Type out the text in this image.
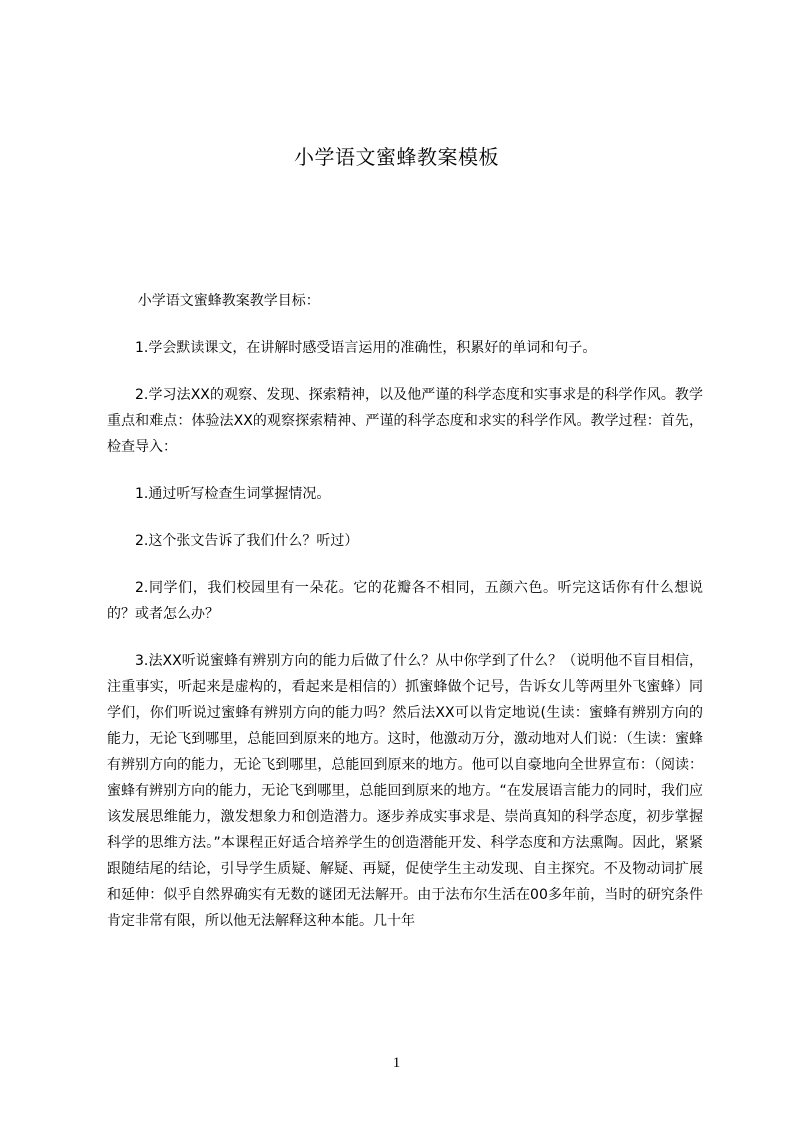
小学语文蜜蜂教案模板

小学语文蜜蜂教案教学目标：

1.学会默读课文，在讲解时感受语言运用的准确性，积累好的单词和句子。

2.学习法XX的观察、发现、探索精神，以及他严谨的科学态度和实事求是的科学作风。教学重点和难点：体验法XX的观察探索精神、严谨的科学态度和求实的科学作风。教学过程：首先，检查导入：

1.通过听写检查生词掌握情况。

2.这个张文告诉了我们什么？听过）

2.同学们，我们校园里有一朵花。它的花瓣各不相同，五颜六色。听完这话你有什么想说的？或者怎么办？

3.法XX听说蜜蜂有辨别方向的能力后做了什么？从中你学到了什么？（说明他不盲目相信，注重事实，听起来是虚构的，看起来是相信的）抓蜜蜂做个记号，告诉女儿等两里外飞蜜蜂）同学们，你们听说过蜜蜂有辨别方向的能力吗？然后法XX可以肯定地说(生读：蜜蜂有辨别方向的能力，无论飞到哪里，总能回到原来的地方。这时，他激动万分，激动地对人们说：（生读：蜜蜂有辨别方向的能力，无论飞到哪里，总能回到原来的地方。他可以自豪地向全世界宣布：（阅读：蜜蜂有辨别方向的能力，无论飞到哪里，总能回到原来的地方。“在发展语言能力的同时，我们应该发展思维能力，激发想象力和创造潜力。逐步养成实事求是、崇尚真知的科学态度，初步掌握科学的思维方法。”本课程正好适合培养学生的创造潜能开发、科学态度和方法熏陶。因此，紧紧跟随结尾的结论，引导学生质疑、解疑、再疑，促使学生主动发现、自主探究。不及物动词扩展和延伸：似乎自然界确实有无数的谜团无法解开。由于法布尔生活在00多年前，当时的研究条件肯定非常有限，所以他无法解释这种本能。几十年

1
